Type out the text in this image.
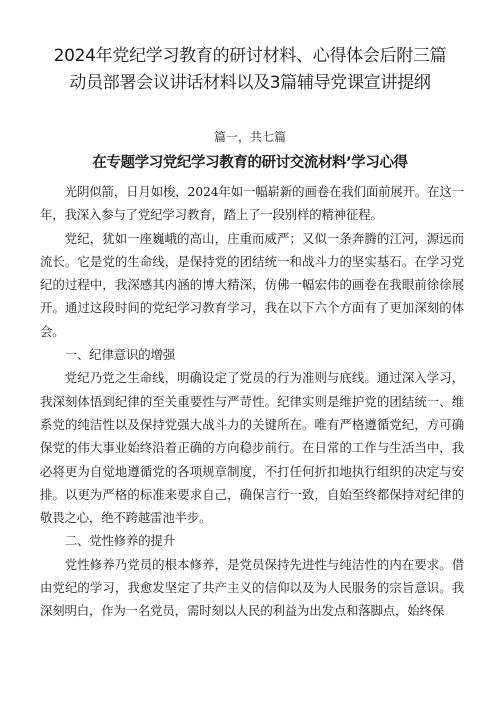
2024年党纪学习教育的研讨材料、心得体会后附三篇
动员部署会议讲话材料以及3篇辅导党课宣讲提纲

篇一，共七篇

在专题学习党纪学习教育的研讨交流材料’学习心得

光阴似箭，日月如梭，2024年如一幅崭新的画卷在我们面前展开。在这一年，我深入参与了党纪学习教育，踏上了一段别样的精神征程。

党纪，犹如一座巍峨的高山，庄重而威严；又似一条奔腾的江河，源远而流长。它是党的生命线，是保持党的团结统一和战斗力的坚实基石。在学习党纪的过程中，我深感其内涵的博大精深，仿佛一幅宏伟的画卷在我眼前徐徐展开。通过这段时间的党纪学习教育学习，我在以下六个方面有了更加深刻的体会。

一、纪律意识的增强

党纪乃党之生命线，明确设定了党员的行为准则与底线。通过深入学习，我深刻体悟到纪律的至关重要性与严苛性。纪律实则是维护党的团结统一、维系党的纯洁性以及保持党强大战斗力的关键所在。唯有严格遵循党纪，方可确保党的伟大事业始终沿着正确的方向稳步前行。在日常的工作与生活当中，我必将更为自觉地遵循党的各项规章制度，不打任何折扣地执行组织的决定与安排。以更为严格的标准来要求自己，确保言行一致，自始至终都保持对纪律的敬畏之心，绝不跨越雷池半步。

二、党性修养的提升

党性修养乃党员的根本修养，是党员保持先进性与纯洁性的内在要求。借由党纪的学习，我愈发坚定了共产主义的信仰以及为人民服务的宗旨意识。我深刻明白，作为一名党员，需时刻以人民的利益为出发点和落脚点，始终保
